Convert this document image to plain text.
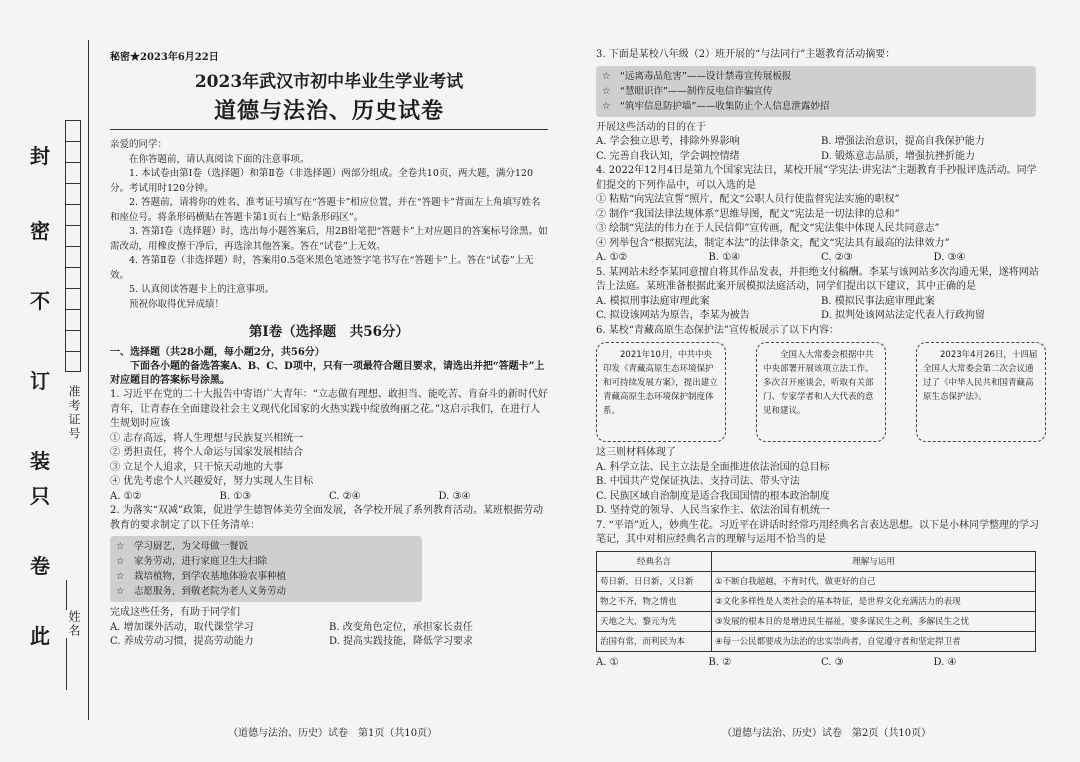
封
密
不
订
装
只
卷
此
准考证号
姓名
秘密★2023年6月22日
2023年武汉市初中毕业生学业考试
道德与法治、历史试卷

亲爱的同学：

在你答题前，请认真阅读下面的注意事项。

1. 本试卷由第Ⅰ卷（选择题）和第Ⅱ卷（非选择题）两部分组成。全卷共10页，两大题，满分120分。考试用时120分钟。

2. 答题前，请将你的姓名、准考证号填写在“答题卡”相应位置，并在“答题卡”背面左上角填写姓名和座位号。将条形码横贴在答题卡第1页右上“贴条形码区”。

3. 答第Ⅰ卷（选择题）时，选出每小题答案后，用2B铅笔把“答题卡”上对应题目的答案标号涂黑。如需改动，用橡皮擦干净后，再选涂其他答案。答在“试卷”上无效。

4. 答第Ⅱ卷（非选择题）时，答案用0.5毫米黑色笔迹签字笔书写在“答题卡”上。答在“试卷”上无效。

5. 认真阅读答题卡上的注意事项。

预祝你取得优异成绩！

第Ⅰ卷（选择题　共56分）
一、选择题（共28小题，每小题2分，共56分）
下面各小题的备选答案A、B、C、D项中，只有一项最符合题目要求，请选出并把“答题卡”上对应题目的答案标号涂黑。

1. 习近平在党的二十大报告中寄语广大青年：“立志做有理想、敢担当、能吃苦、肯奋斗的新时代好青年，让青春在全面建设社会主义现代化国家的火热实践中绽放绚丽之花。”这启示我们，在进行人生规划时应该

① 志存高远，将人生理想与民族复兴相统一

② 勇担责任，将个人命运与国家发展相结合

③ 立足个人追求，只干惊天动地的大事

④ 优先考虑个人兴趣爱好，努力实现人生目标

A. ①②	B. ①③	C. ②④	D. ③④

2. 为落实“双减”政策，促进学生德智体美劳全面发展，各学校开展了系列教育活动。某班根据劳动教育的要求制定了以下任务清单：

☆　学习厨艺，为父母做一餐饭
☆　家务劳动，进行家庭卫生大扫除
☆　栽培植物，到学农基地体验农事种植
☆　志愿服务，到敬老院为老人义务劳动

完成这些任务，有助于同学们

A. 增加课外活动，取代课堂学习	B. 改变角色定位，承担家长责任
C. 养成劳动习惯，提高劳动能力	D. 提高实践技能，降低学习要求

3. 下面是某校八年级（2）班开展的“与法同行”主题教育活动摘要：

☆　“远离毒品危害”——设计禁毒宣传展板报
☆　“慧眼识诈”——制作反电信诈骗宣传
☆　“筑牢信息防护墙”——收集防止个人信息泄露妙招

开展这些活动的目的在于

A. 学会独立思考，排除外界影响	B. 增强法治意识，提高自我保护能力
C. 完善自我认知，学会调控情绪	D. 锻炼意志品质，增强抗挫折能力

4. 2022年12月4日是第九个国家宪法日，某校开展“学宪法·讲宪法”主题教育手抄报评选活动。同学们提交的下列作品中，可以入选的是

① 粘贴“向宪法宣誓”照片，配文“公职人员行使监督宪法实施的职权”

② 制作“我国法律法规体系”思维导图，配文“宪法是一切法律的总和”

③ 绘制“宪法的伟力在于人民信仰”宣传画，配文“宪法集中体现人民共同意志”

④ 列举包含“根据宪法，制定本法”的法律条文，配文“宪法具有最高的法律效力”

A. ①②	B. ①④	C. ②③	D. ③④

5. 某网站未经李某同意擅自将其作品发表，并拒绝支付稿酬。李某与该网站多次沟通无果，遂将网站告上法庭。某班准备根据此案开展模拟法庭活动，同学们提出以下建议，其中正确的是

A. 模拟刑事法庭审理此案	B. 模拟民事法庭审理此案
C. 拟设该网站为原告，李某为被告	D. 拟判处该网站法定代表人行政拘留

6. 某校“青藏高原生态保护法”宣传板展示了以下内容：

2021年10月，中共中央印发《青藏高原生态环境保护和可持续发展方案》，提出建立青藏高原生态环境保护制度体系。
全国人大常委会根据中共中央部署开展该项立法工作。多次召开座谈会，听取有关部门、专家学者和人大代表的意见和建议。
2023年4月26日，十四届全国人大常委会第二次会议通过了《中华人民共和国青藏高原生态保护法》。

这三则材料体现了

A. 科学立法、民主立法是全面推进依法治国的总目标

B. 中国共产党保证执法、支持司法、带头守法

C. 民族区域自治制度是适合我国国情的根本政治制度

D. 坚持党的领导、人民当家作主、依法治国有机统一

7. “平语”近人，妙典生花。习近平在讲话时经常巧用经典名言表达思想。以下是小林同学整理的学习笔记，其中对相应经典名言的理解与运用不恰当的是

经典名言	理解与运用
苟日新，日日新，又日新	①不断自我超越，不育时代，做更好的自己
物之不齐，物之情也	②文化多样性是人类社会的基本特征，是世界文化充满活力的表现
天地之大，黎元为先	③发展的根本目的是增进民生福祉，要多谋民生之利，多解民生之忧
治国有常，而利民为本	④每一公民都要成为法治的忠实崇尚者，自觉遵守者和坚定捍卫者
A. ①	B. ②	C. ③	D. ④
（道德与法治、历史）试卷　第1页（共10页）	（道德与法治、历史）试卷　第2页（共10页）
